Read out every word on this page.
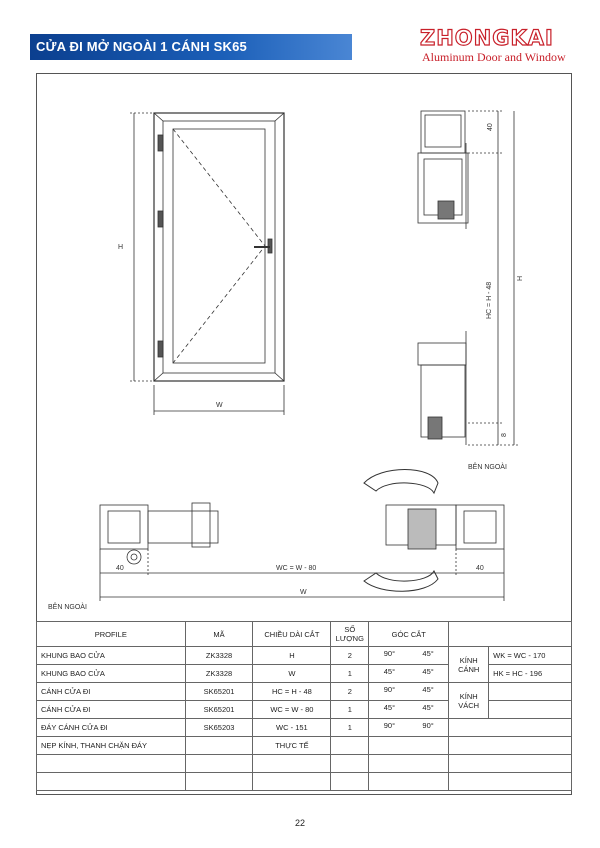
CỬA ĐI MỞ NGOÀI 1 CÁNH SK65	ZHONGKAI
Aluminum Door and Window
H
W
40
HC = H - 48
H
8
BÊN NGOÀI
40	WC = W - 80	40
W
BÊN NGOÀI
PROFILE	MÃ	CHIỀU DÀI CẮT	SỐ LƯỢNG	GÓC CẮT		
KHUNG BAO CỬA	ZK3328	H	2	90° 45°	KÍNH CÁNH	WK = WC - 170
KHUNG BAO CỬA	ZK3328	W	1	45° 45°		HK = HC - 196
CÁNH CỬA ĐI	SK65201	HC = H - 48	2	90° 45°	KÍNH VÁCH	
CÁNH CỬA ĐI	SK65201	WC = W - 80	1	45° 45°		

ĐÁY CÁNH CỬA ĐI	SK65203	WC - 151	1	90° 90°		

NẸP KÍNH, THANH CHẶN ĐÁY		THỰC TẾ				

22
